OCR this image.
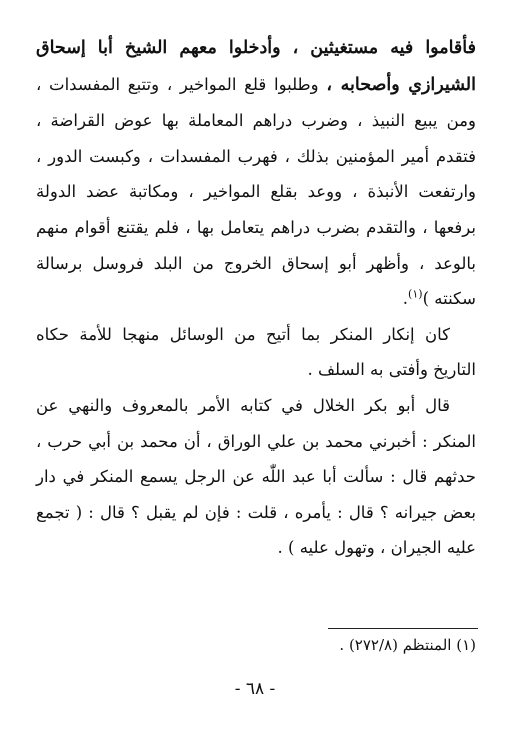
فأقاموا فيه مستغيثين ، وأدخلوا معهم الشيخ أبا إسحاق الشيرازي وأصحابه ، وطلبوا قلع المواخير ، وتتبع المفسدات ، ومن يبيع النبيذ ، وضرب دراهم المعاملة بها عوض القراضة ، فتقدم أمير المؤمنين بذلك ، فهرب المفسدات ، وكبست الدور ، وارتفعت الأنبذة ، ووعد بقلع المواخير ، ومكاتبة عضد الدولة برفعها ، والتقدم بضرب دراهم يتعامل بها ، فلم يقتنع أقوام منهم بالوعد ، وأظهر أبو إسحاق الخروج من البلد فروسل برسالة سكنته )$^{(١)}$.

كان إنكار المنكر بما أتيح من الوسائل منهجا للأمة حكاه التاريخ وأفتى به السلف .

قال أبو بكر الخلال في كتابه الأمر بالمعروف والنهي عن المنكر : أخبرني محمد بن علي الوراق ، أن محمد بن أبي حرب ، حدثهم قال : سألت أبا عبد اللّٰه عن الرجل يسمع المنكر في دار بعض جيرانه ؟ قال : يأمره ، قلت : فإن لم يقبل ؟ قال : ( تجمع عليه الجيران ، وتهول عليه ) .

(١) المنتظم (٢٧٢/٨) .
- ٦٨ -
